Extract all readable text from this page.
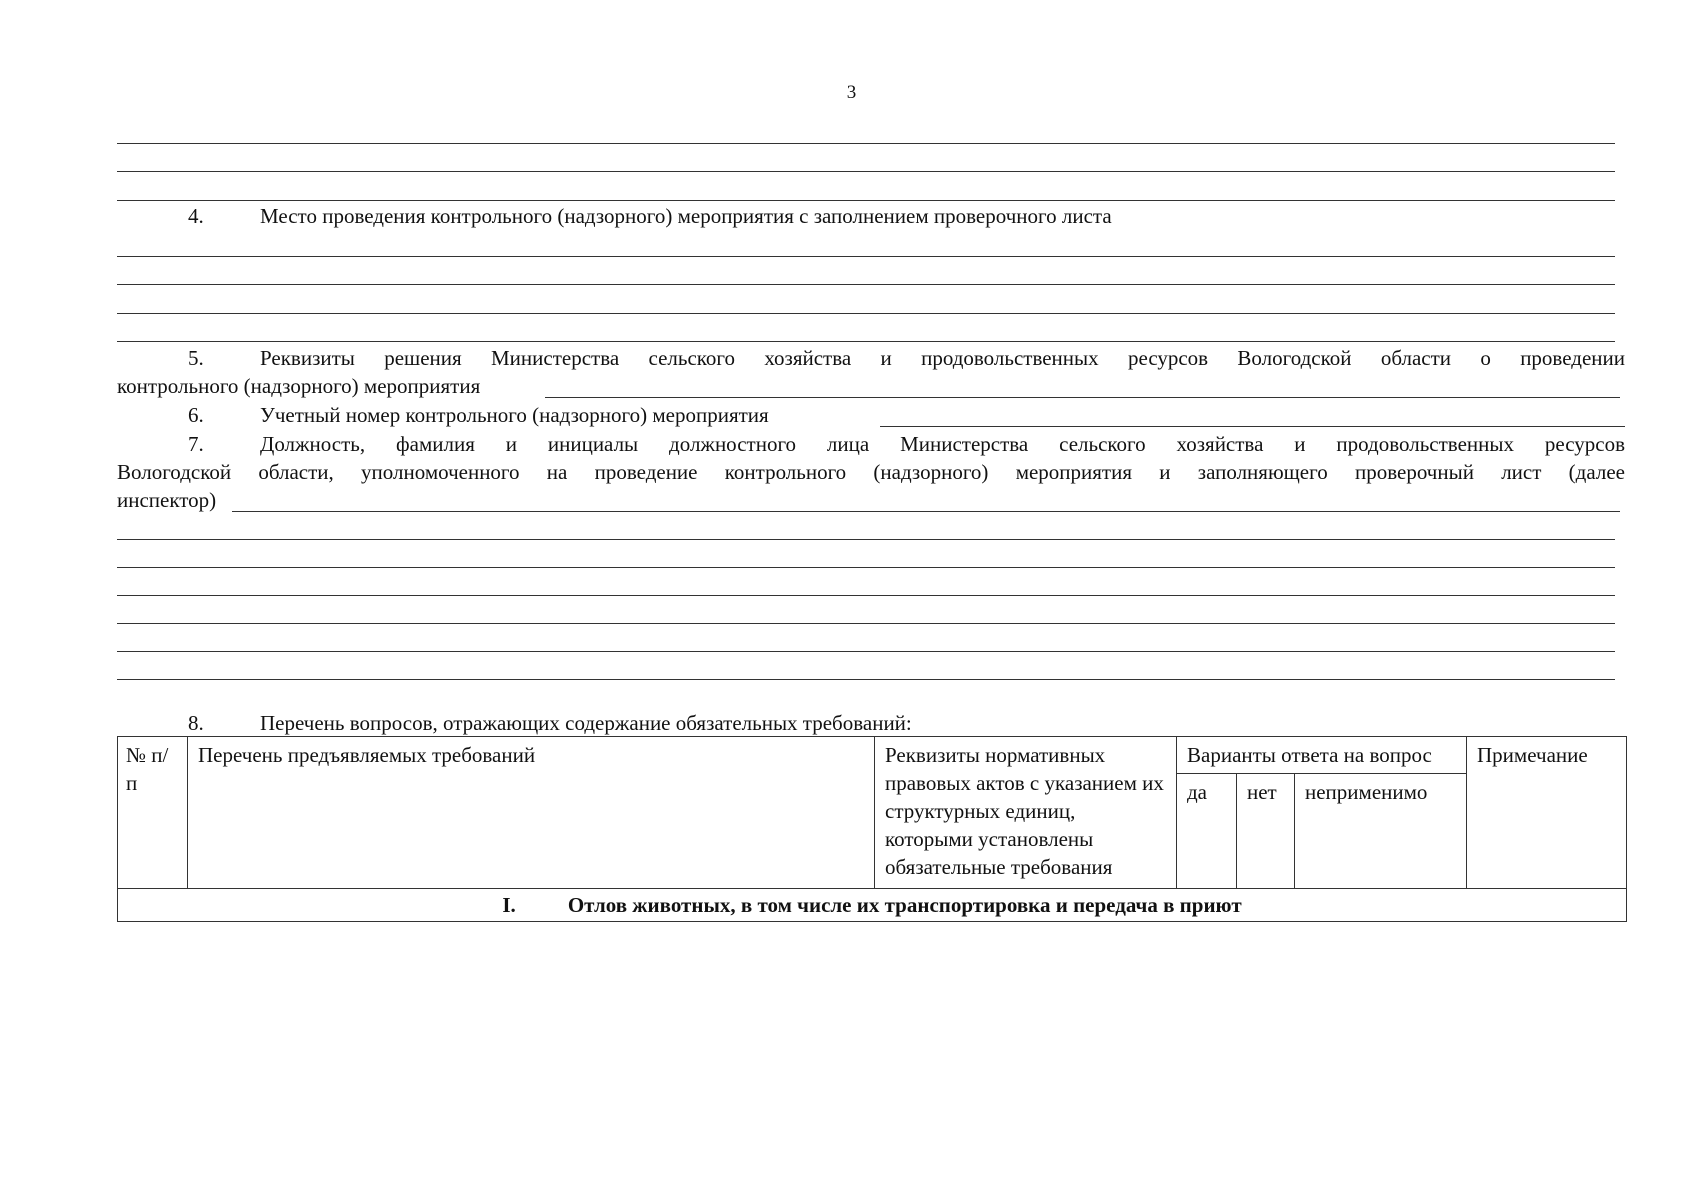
3
4.	Место проведения контрольного (надзорного) мероприятия с заполнением проверочного листа
5.	Реквизиты решения Министерства сельского хозяйства и продовольственных ресурсов Вологодской области о проведении
контрольного (надзорного) мероприятия
6.	Учетный номер контрольного (надзорного) мероприятия
7.	Должность, фамилия и инициалы должностного лица Министерства сельского хозяйства и продовольственных ресурсов
Вологодской области, уполномоченного на проведение контрольного (надзорного) мероприятия и заполняющего проверочный лист (далее
инспектор)
8.	Перечень вопросов, отражающих содержание обязательных требований:
№ п/п	Перечень предъявляемых требований	Реквизиты нормативных правовых актов с указанием их структурных единиц, которыми установлены обязательные требования	Варианты ответа на вопрос			Примечание
			да	нет	неприменимо	
I. Отлов животных, в том числе их транспортировка и передача в приют						
